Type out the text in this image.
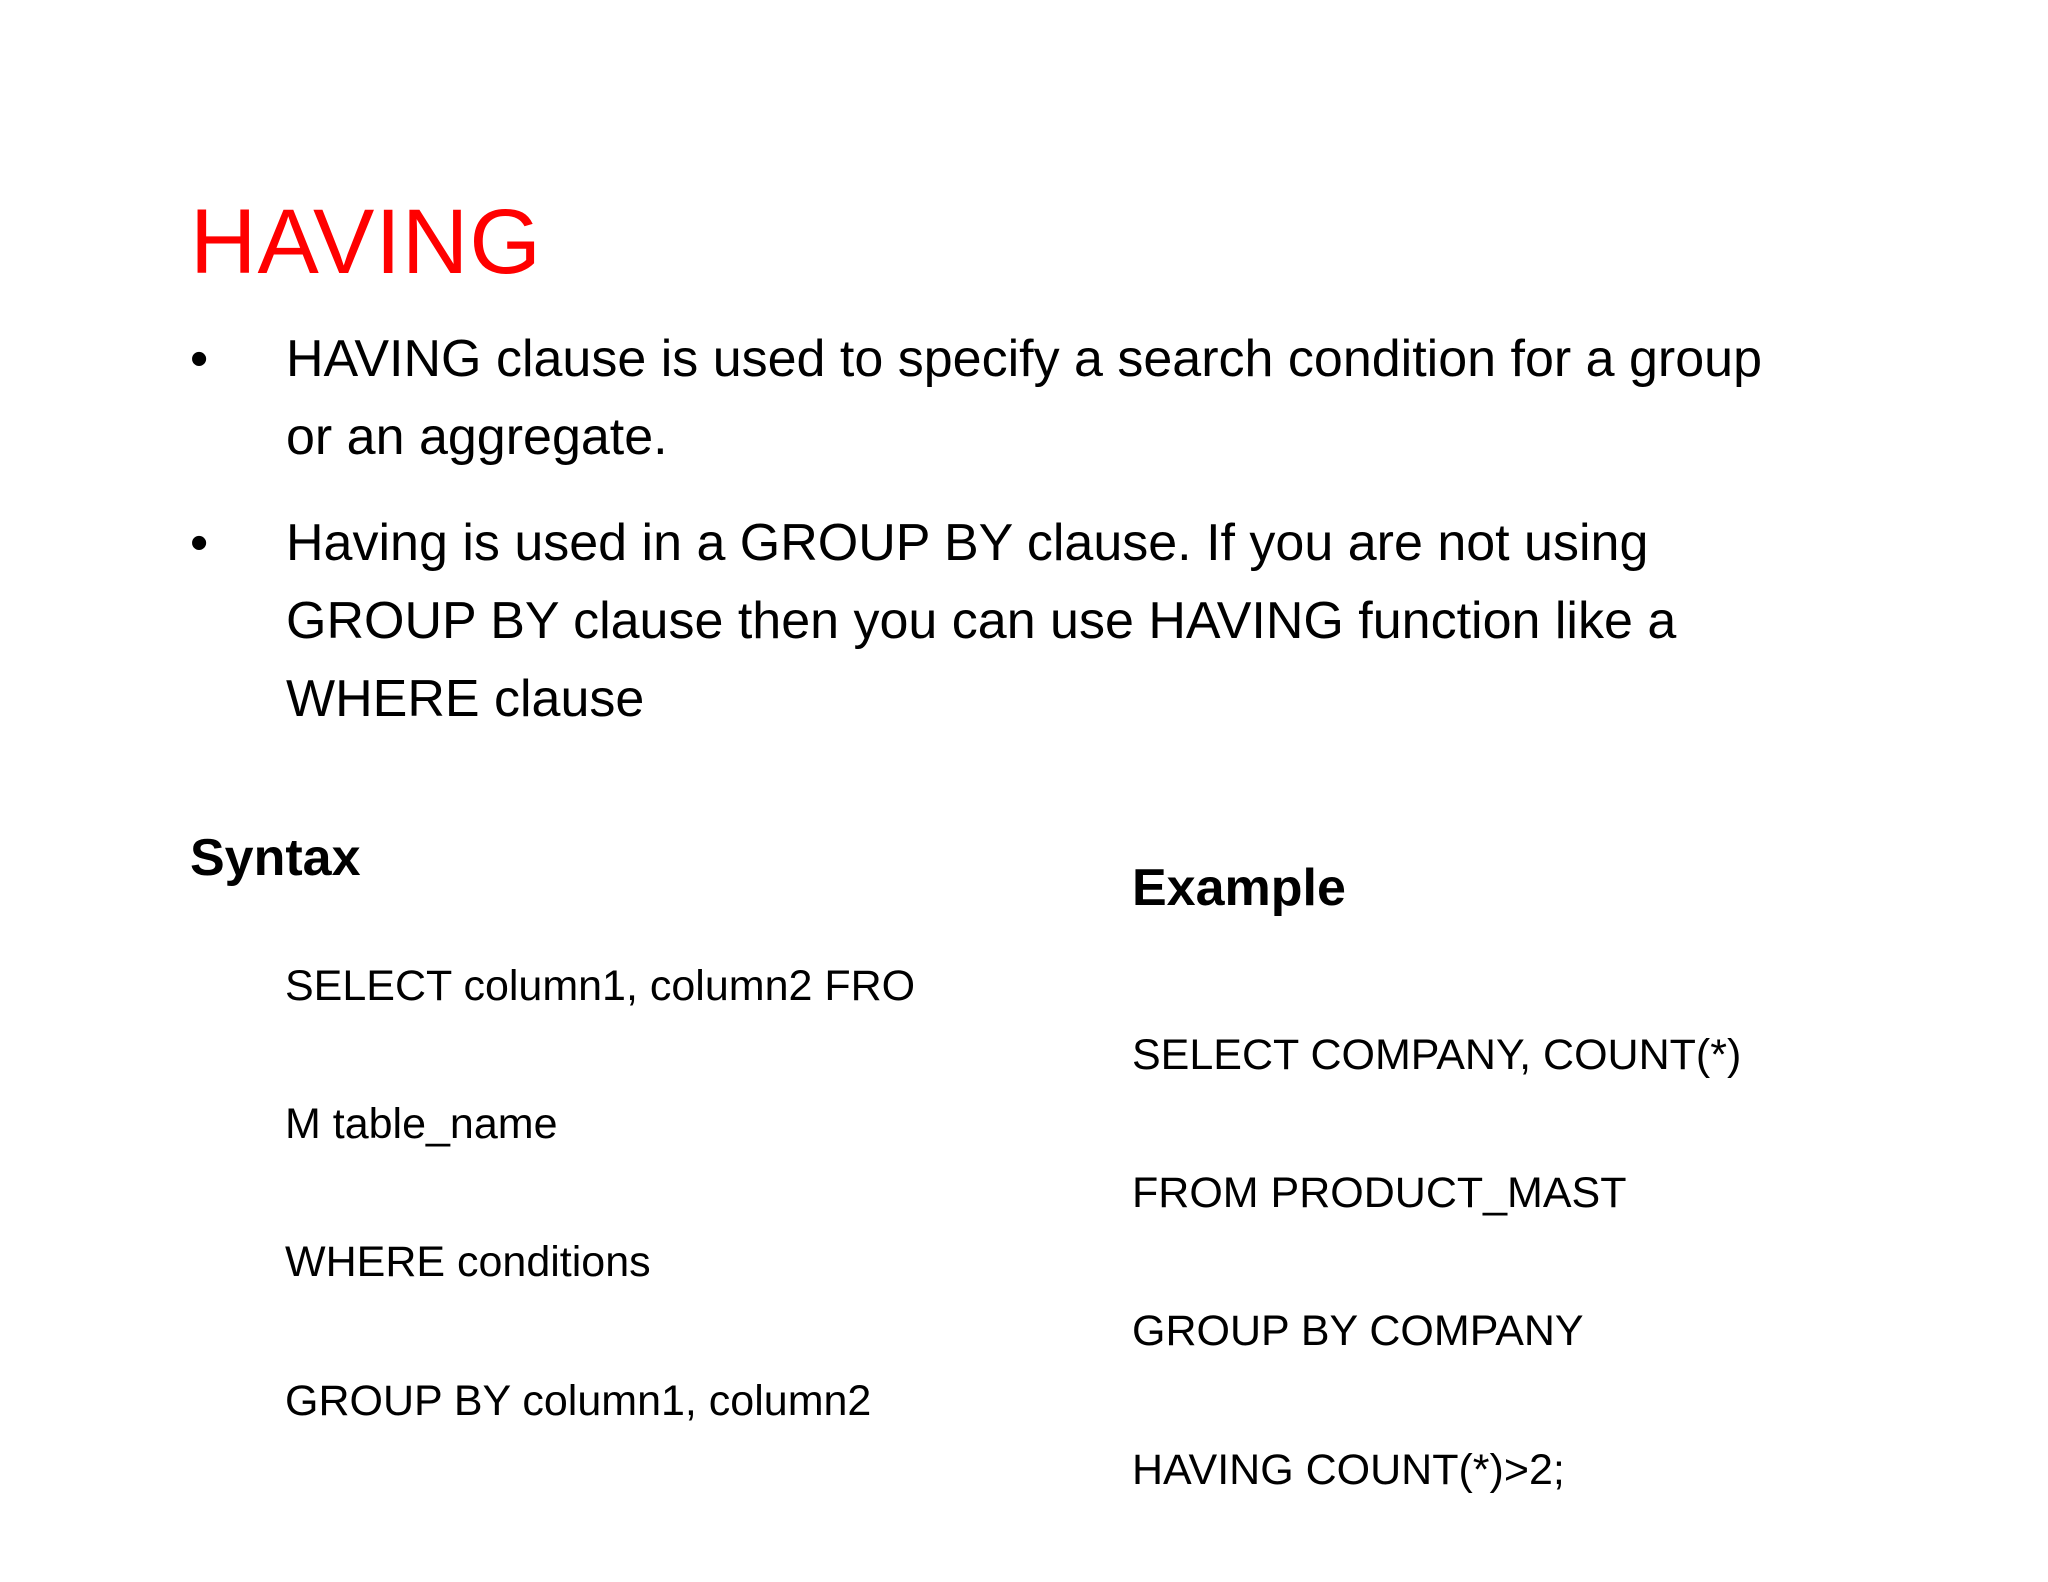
HAVING
• HAVING clause is used to specify a search condition for a group or an aggregate.
• Having is used in a GROUP BY clause. If you are not using GROUP BY clause then you can use HAVING function like a WHERE clause
Syntax
SELECT column1, column2 FRO
M table_name
WHERE conditions
GROUP BY column1, column2
Example
SELECT COMPANY, COUNT(*)
FROM PRODUCT_MAST
GROUP BY COMPANY
HAVING COUNT(*)>2;
